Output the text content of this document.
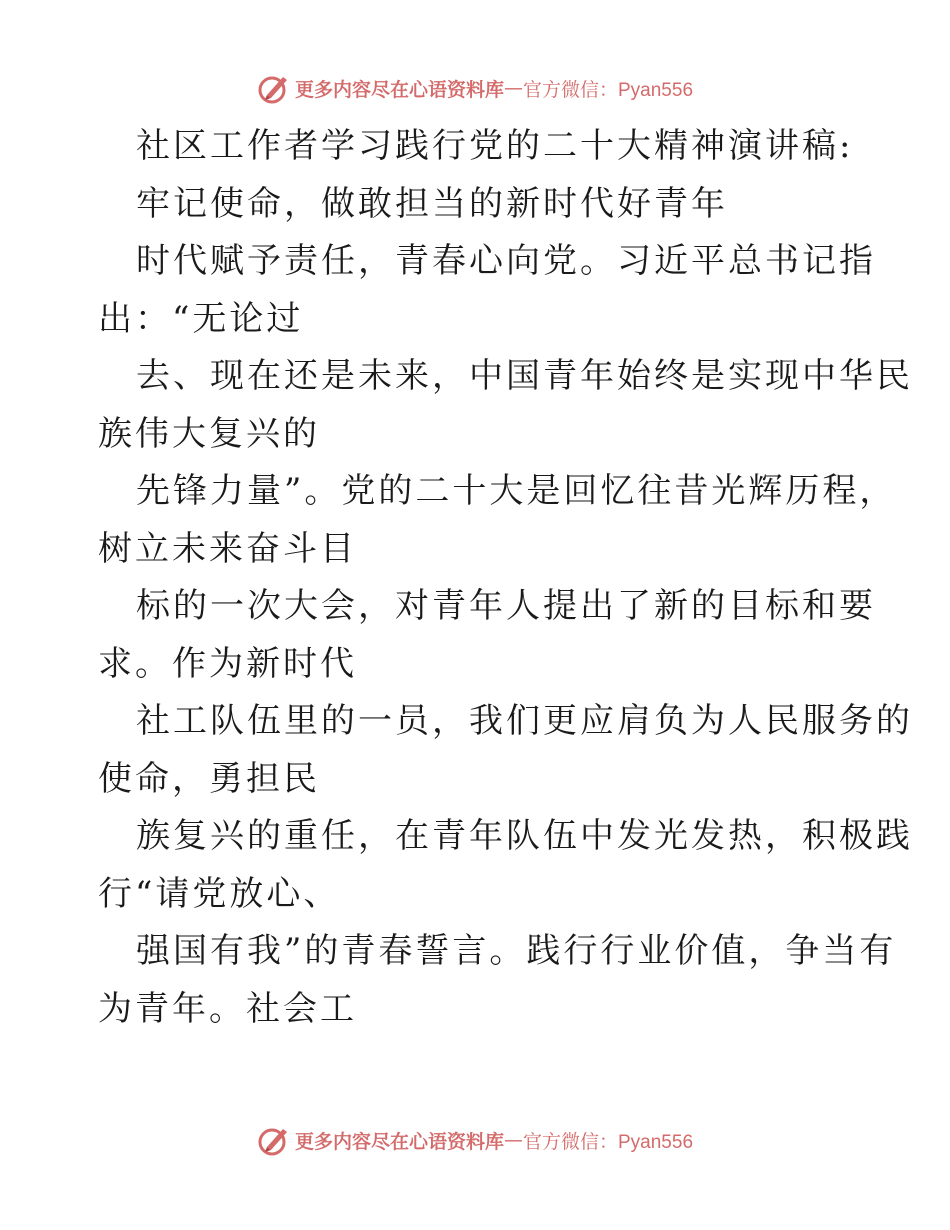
更多内容尽在心语资料库 — 官方微信：Pyan556

社区工作者学习践行党的二十大精神演讲稿:

牢记使命，做敢担当的新时代好青年

时代赋予责任，青春心向党。习近平总书记指

出：“无论过

去、现在还是未来，中国青年始终是实现中华民

族伟大复兴的

先锋力量”。党的二十大是回忆往昔光辉历程，

树立未来奋斗目

标的一次大会，对青年人提出了新的目标和要

求。作为新时代

社工队伍里的一员，我们更应肩负为人民服务的

使命，勇担民

族复兴的重任，在青年队伍中发光发热，积极践

行“请党放心、

强国有我”的青春誓言。践行行业价值，争当有

为青年。社会工

更多内容尽在心语资料库 — 官方微信：Pyan556
